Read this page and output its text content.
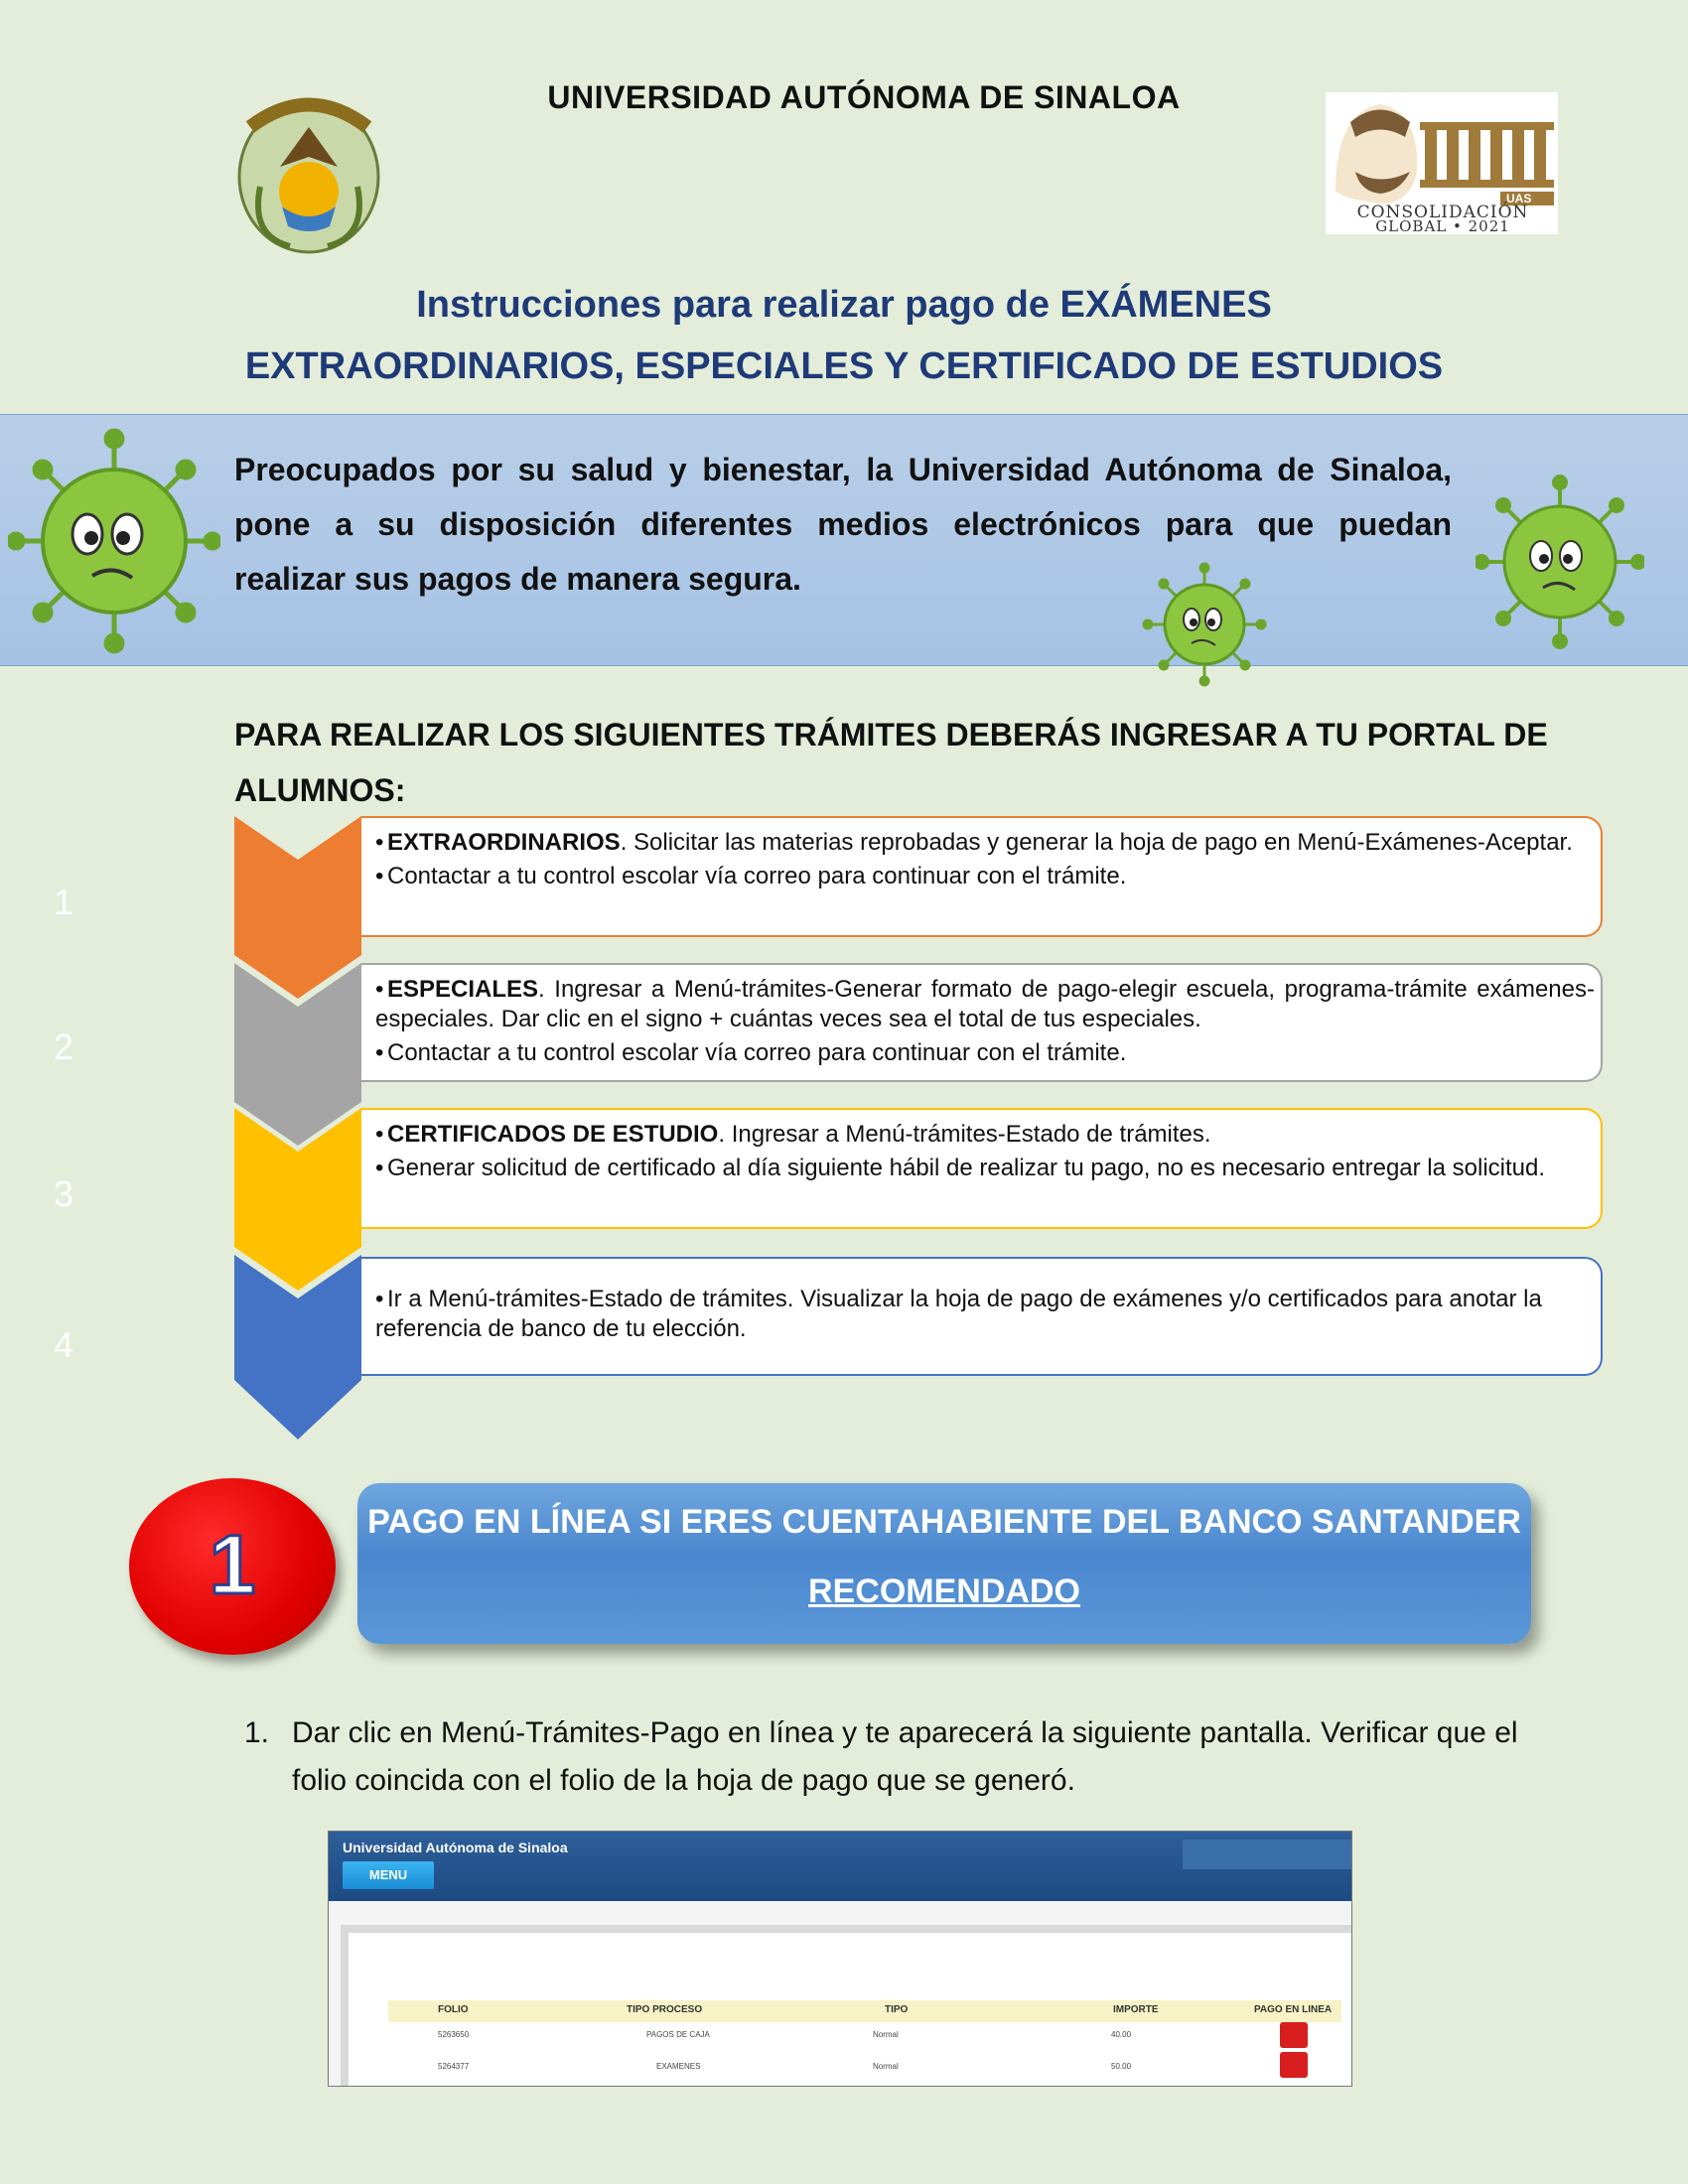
UNIVERSIDAD AUTÓNOMA DE SINALOA
UAS
CONSOLIDACIÓN
GLOBAL • 2021
Instrucciones para realizar pago de EXÁMENES
EXTRAORDINARIOS, ESPECIALES Y CERTIFICADO DE ESTUDIOS
Preocupados por su salud y bienestar, la Universidad Autónoma de Sinaloa,
pone a su disposición diferentes medios electrónicos para que puedan
realizar sus pagos de manera segura.
PARA REALIZAR LOS SIGUIENTES TRÁMITES DEBERÁS INGRESAR A TU PORTAL DE ALUMNOS:
1
• EXTRAORDINARIOS. Solicitar las materias reprobadas y generar la hoja de pago en Menú-Exámenes-Aceptar.
• Contactar a tu control escolar vía correo para continuar con el trámite.
2
• ESPECIALES. Ingresar a Menú-trámites-Generar formato de pago-elegir escuela, programa-trámite exámenes-especiales. Dar clic en el signo + cuántas veces sea el total de tus especiales.
• Contactar a tu control escolar vía correo para continuar con el trámite.
3
• CERTIFICADOS DE ESTUDIO. Ingresar a Menú-trámites-Estado de trámites.
• Generar solicitud de certificado al día siguiente hábil de realizar tu pago, no es necesario entregar la solicitud.
4
• Ir a Menú-trámites-Estado de trámites. Visualizar la hoja de pago de exámenes y/o certificados para anotar la referencia de banco de tu elección.
1	PAGO EN LÍNEA SI ERES CUENTAHABIENTE DEL BANCO SANTANDER
RECOMENDADO
1. Dar clic en Menú-Trámites-Pago en línea y te aparecerá la siguiente pantalla. Verificar que el folio coincida con el folio de la hoja de pago que se generó.
Universidad Autónoma de Sinaloa
MENU
FOLIO	TIPO PROCESO	TIPO	IMPORTE	PAGO EN LINEA
5263650	PAGOS DE CAJA	Normal	40.00
5264377	EXAMENES	Normal	50.00
